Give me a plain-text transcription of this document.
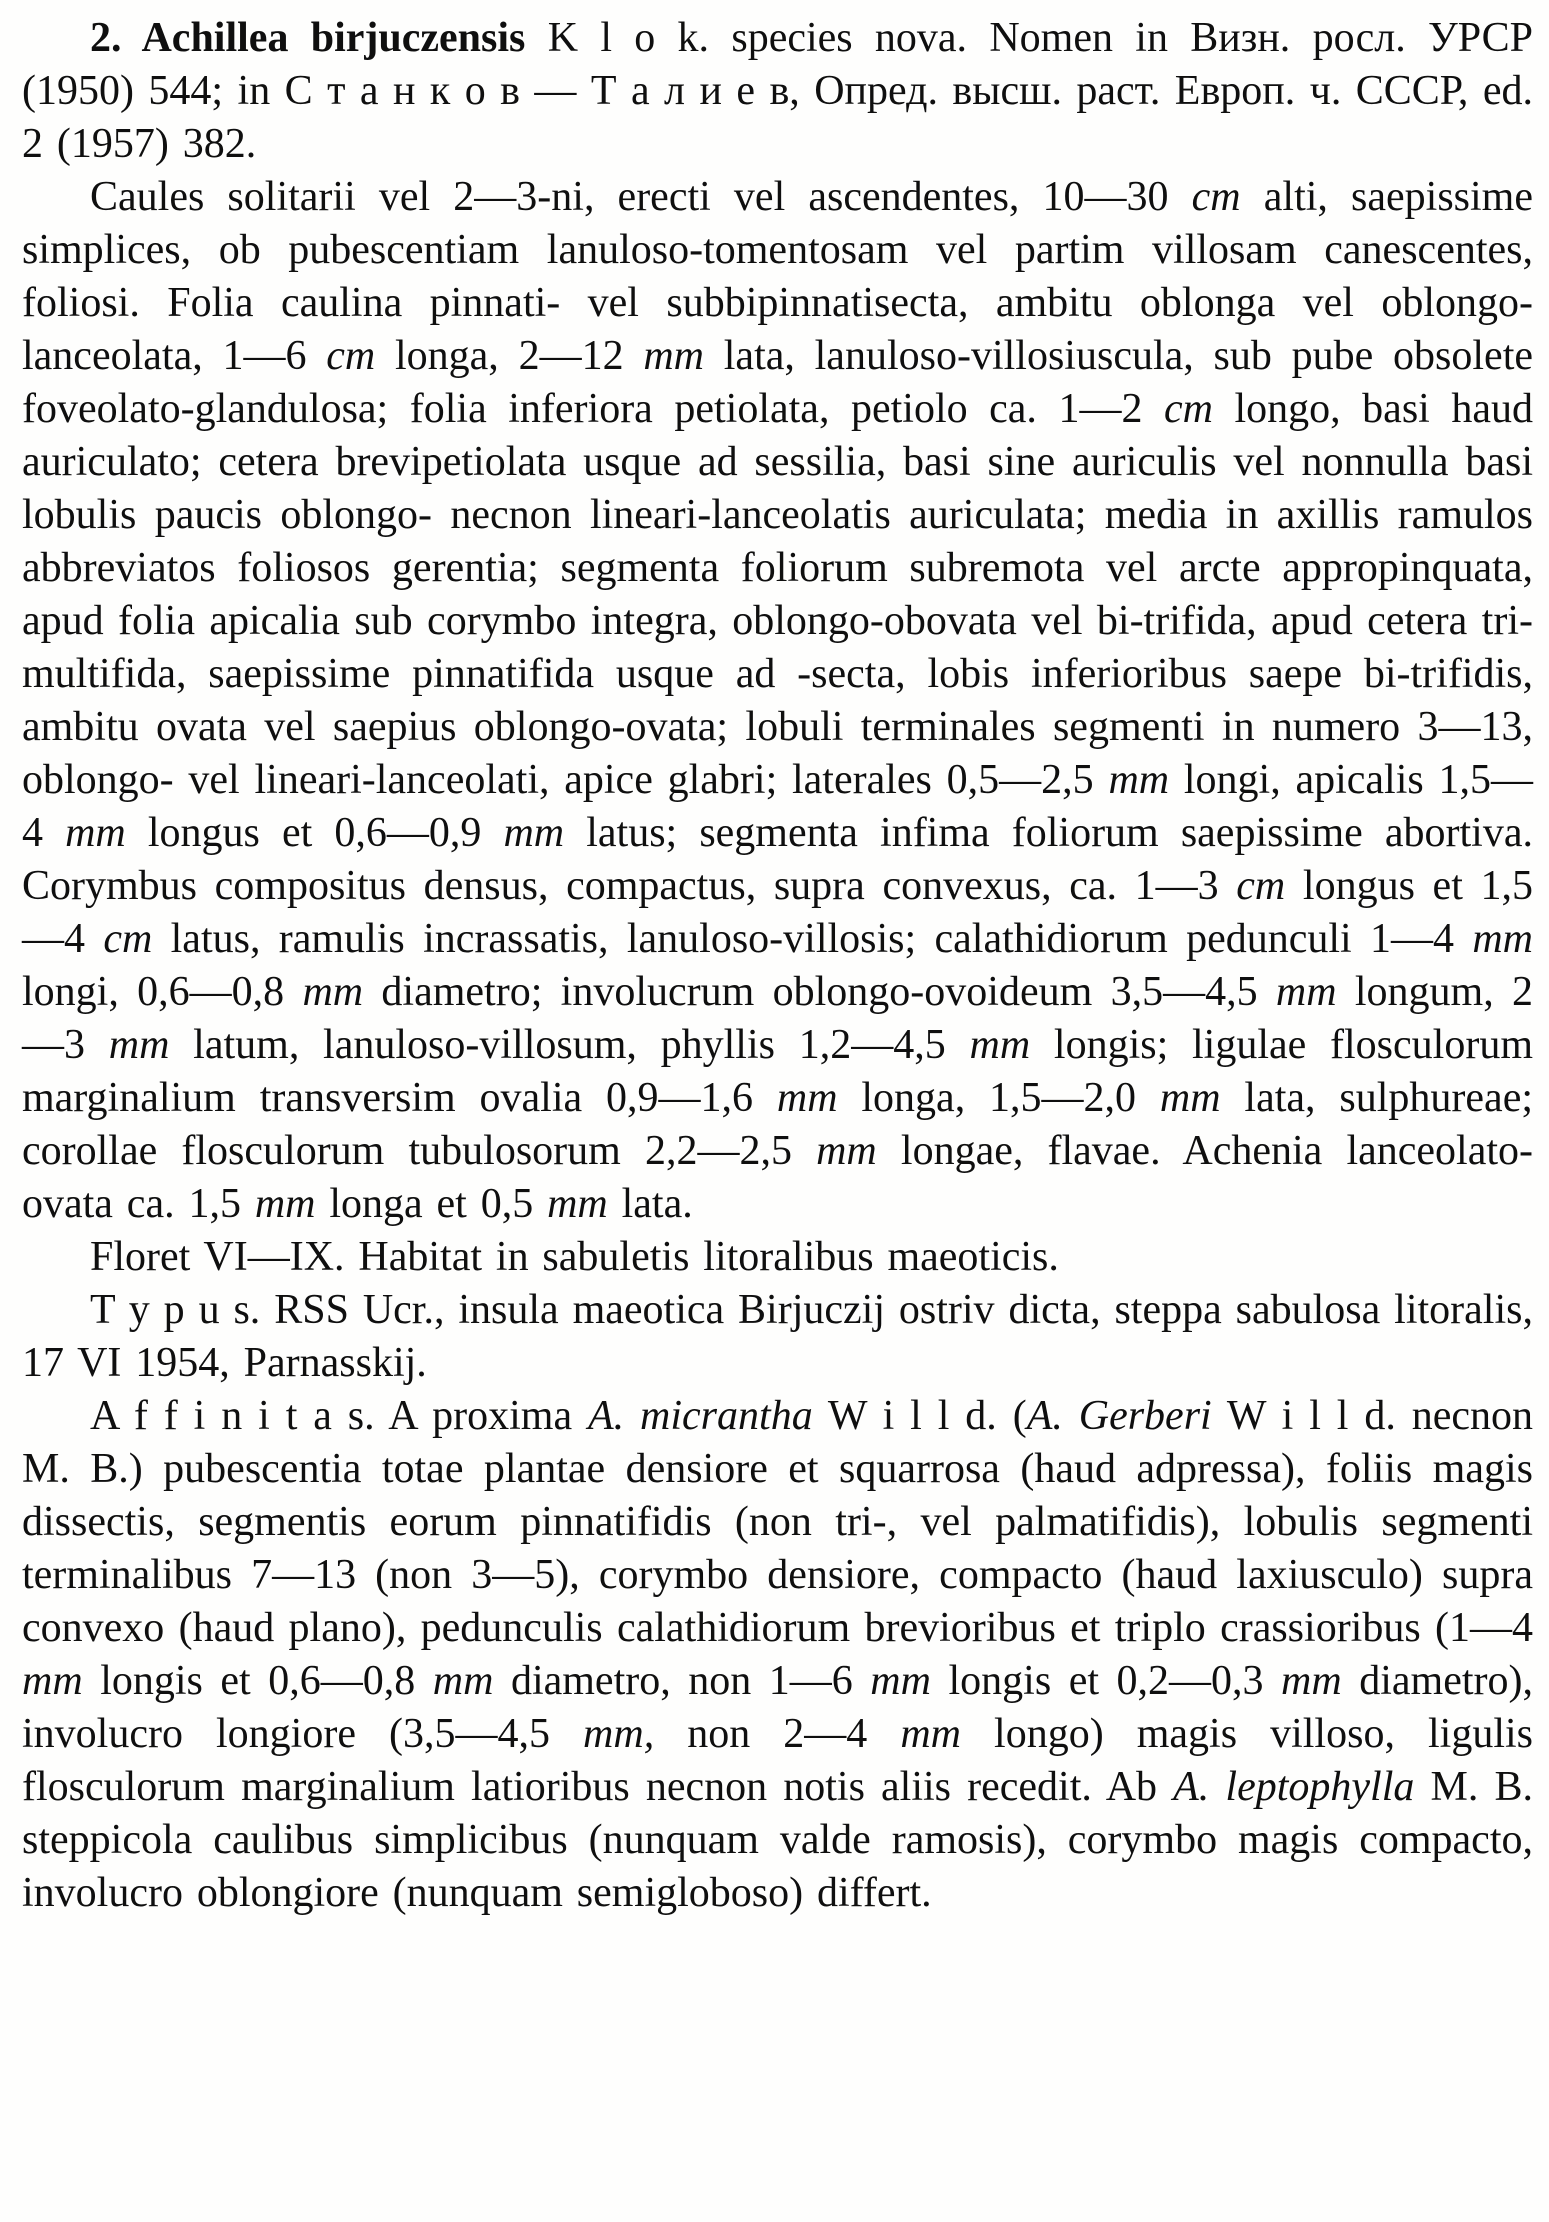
2. Achillea birjuczensis K l o k. species nova. Nomen in Визн. росл. УРСР (1950) 544; in С т а н к о в — Т а л и е в, Опред. высш. раст. Европ. ч. СССР, ed. 2 (1957) 382.

Caules solitarii vel 2—3-ni, erecti vel ascendentes, 10—30 cm alti, saepissime simplices, ob pubescentiam lanuloso-tomentosam vel partim villosam canescentes, foliosi. Folia caulina pinnati- vel subbipinnatisecta, ambitu oblonga vel oblongo-lanceolata, 1—6 cm longa, 2—12 mm lata, lanuloso-villosiuscula, sub pube obsolete foveolato-glandulosa; folia inferiora petiolata, petiolo ca. 1—2 cm longo, basi haud auriculato; cetera brevipetiolata usque ad sessilia, basi sine auriculis vel nonnulla basi lobulis paucis oblongo- necnon lineari-lanceolatis auriculata; media in axillis ramulos abbreviatos foliosos gerentia; segmenta foliorum subremota vel arcte appropinquata, apud folia apicalia sub corymbo integra, oblongo-obovata vel bi-trifida, apud cetera tri-multifida, saepissime pinnatifida usque ad -secta, lobis inferioribus saepe bi-trifidis, ambitu ovata vel saepius oblongo-ovata; lobuli terminales segmenti in numero 3—13, oblongo- vel lineari-lanceolati, apice glabri; laterales 0,5—2,5 mm longi, apicalis 1,5—4 mm longus et 0,6—0,9 mm latus; segmenta infima foliorum saepissime abortiva. Corymbus compositus densus, compactus, supra convexus, ca. 1—3 cm longus et 1,5—4 cm latus, ramulis incrassatis, lanuloso-villosis; calathidiorum pedunculi 1—4 mm longi, 0,6—0,8 mm diametro; involucrum oblongo-ovoideum 3,5—4,5 mm longum, 2—3 mm latum, lanuloso-villosum, phyllis 1,2—4,5 mm longis; ligulae flosculorum marginalium transversim ovalia 0,9—1,6 mm longa, 1,5—2,0 mm lata, sulphureae; corollae flosculorum tubulosorum 2,2—2,5 mm longae, flavae. Achenia lanceolato-ovata ca. 1,5 mm longa et 0,5 mm lata.

Floret VI—IX. Habitat in sabuletis litoralibus maeoticis.

T y p u s. RSS Ucr., insula maeotica Birjuczij ostriv dicta, steppa sabulosa litoralis, 17 VI 1954, Parnasskij.

A f f i n i t a s. A proxima A. micrantha W i l l d. (A. Gerberi W i l l d. necnon M. B.) pubescentia totae plantae densiore et squarrosa (haud adpressa), foliis magis dissectis, segmentis eorum pinnatifidis (non tri-, vel palmatifidis), lobulis segmenti terminalibus 7—13 (non 3—5), corymbo densiore, compacto (haud laxiusculo) supra convexo (haud plano), pedunculis calathidiorum brevioribus et triplo crassioribus (1—4 mm longis et 0,6—0,8 mm diametro, non 1—6 mm longis et 0,2—0,3 mm diametro), involucro longiore (3,5—4,5 mm, non 2—4 mm longo) magis villoso, ligulis flosculorum marginalium latioribus necnon notis aliis recedit. Ab A. leptophylla M. B. steppicola caulibus simplicibus (nunquam valde ramosis), corymbo magis compacto, involucro oblongiore (nunquam semigloboso) differt.
